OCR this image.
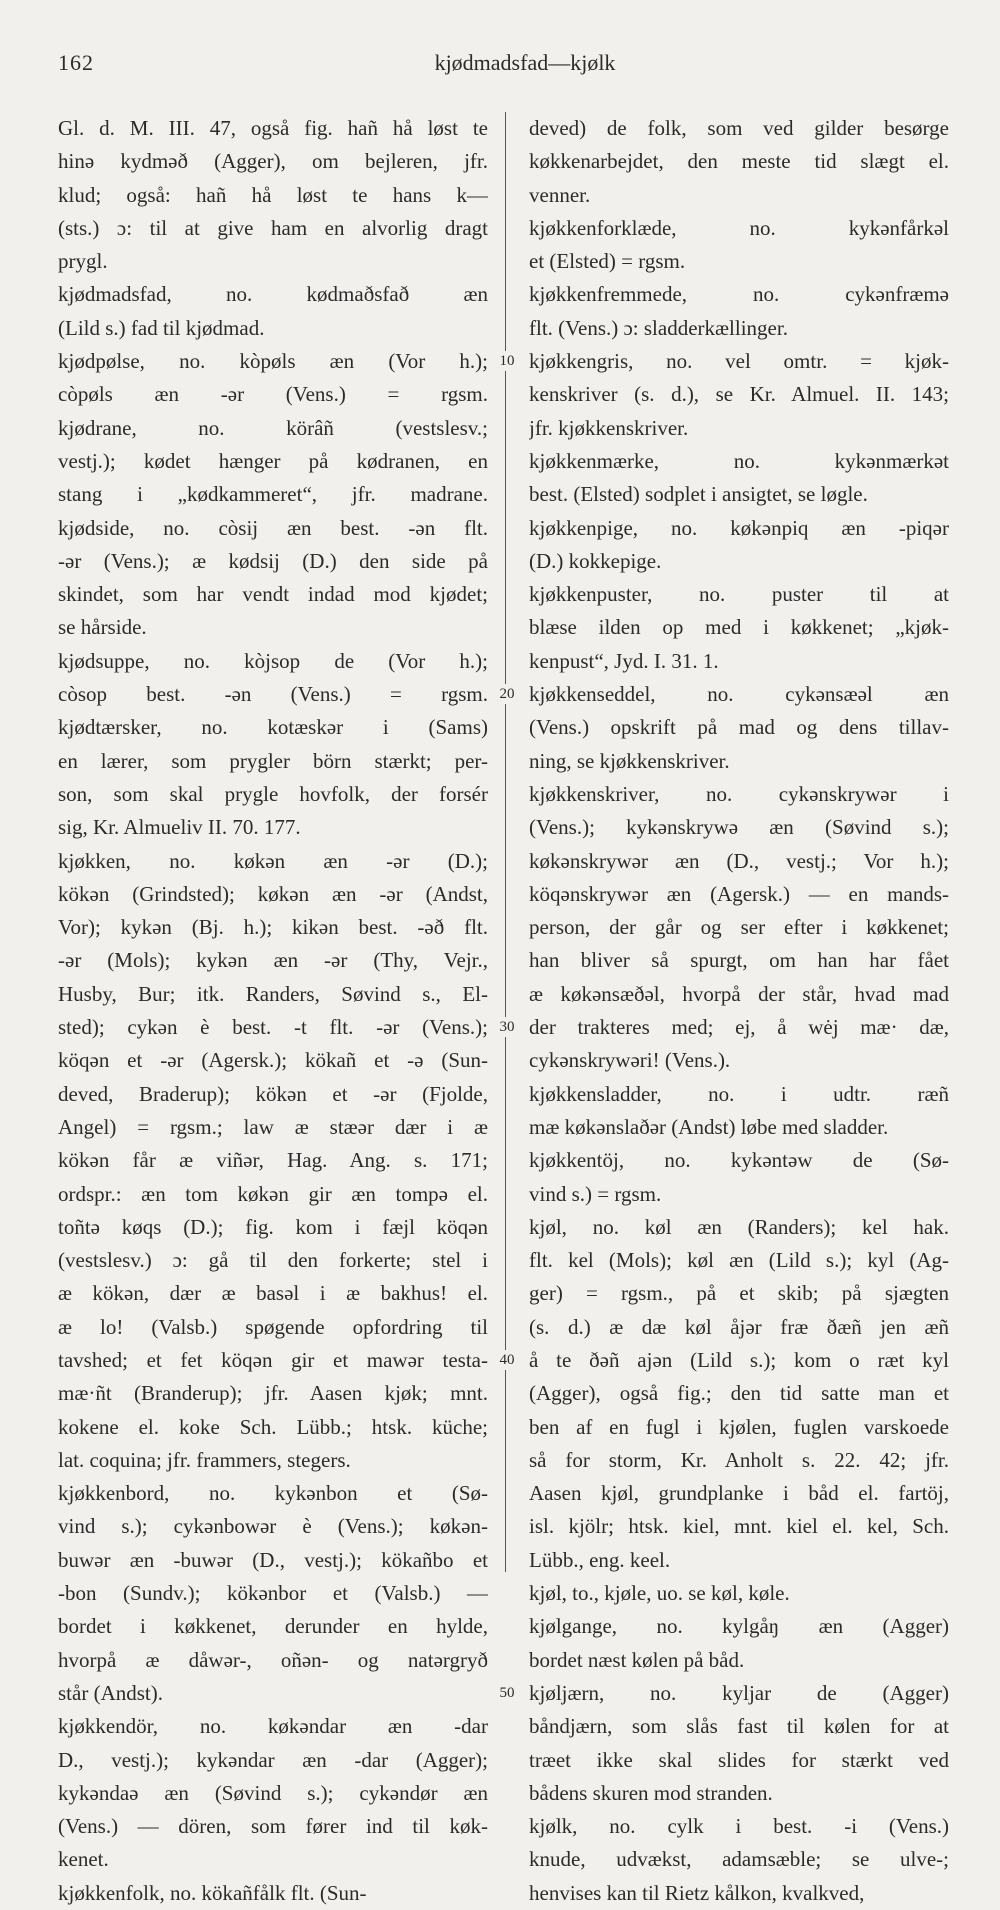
162	kjødmadsfad—kjølk
Gl. d. M. III. 47, også fig. hañ hå løst te
hinə kydməð (Agger), om bejleren, jfr.
klud; også: hañ hå løst te hans k—
(sts.) ɔ: til at give ham en alvorlig dragt
prygl.
kjødmadsfad, no. kødmaðsfað æn
(Lild s.) fad til kjødmad.
kjødpølse, no. kòpøls æn (Vor h.);
còpøls æn -ər (Vens.) = rgsm.
kjødrane, no. körâñ (vestslesv.;
vestj.); kødet hænger på kødranen, en
stang i „kødkammeret“, jfr. madrane.
kjødside, no. còsij æn best. -ən flt.
-ər (Vens.); æ kødsij (D.) den side på
skindet, som har vendt indad mod kjødet;
se hårside.
kjødsuppe, no. kòjsop de (Vor h.);
còsop best. -ən (Vens.) = rgsm.
kjødtærsker, no. kotæskər i (Sams)
en lærer, som prygler börn stærkt; per-
son, som skal prygle hovfolk, der forsér
sig, Kr. Almueliv II. 70. 177.
kjøkken, no. køkən æn -ər (D.);
kökən (Grindsted); køkən æn -ər (Andst,
Vor); kykən (Bj. h.); kikən best. -əð flt.
-ər (Mols); kykən æn -ər (Thy, Vejr.,
Husby, Bur; itk. Randers, Søvind s., El-
sted); cykən è best. -t flt. -ər (Vens.);
köqən et -ər (Agersk.); kökañ et -ə (Sun-
deved, Braderup); kökən et -ər (Fjolde,
Angel) = rgsm.; law æ stæər dær i æ
kökən får æ viñər, Hag. Ang. s. 171;
ordspr.: æn tom køkən gir æn tompə el.
toñtə køqs (D.); fig. kom i fæjl köqən
(vestslesv.) ɔ: gå til den forkerte; stel i
æ kökən, dær æ basəl i æ bakhus! el.
æ lo! (Valsb.) spøgende opfordring til
tavshed; et fet köqən gir et mawər testa-
mæ·ñt (Branderup); jfr. Aasen kjøk; mnt.
kokene el. koke Sch. Lübb.; htsk. küche;
lat. coquina; jfr. frammers, stegers.
kjøkkenbord, no. kykənbon et (Sø-
vind s.); cykənbowər è (Vens.); køkən-
buwər æn -buwər (D., vestj.); kökañbo et
-bon (Sundv.); kökənbor et (Valsb.) —
bordet i køkkenet, derunder en hylde,
hvorpå æ dåwər-, oñən- og natərgryð
står (Andst).
kjøkkendör, no. køkəndar æn -dar
D., vestj.); kykəndar æn -dar (Agger);
kykəndaə æn (Søvind s.); cykəndør æn
(Vens.) — dören, som fører ind til køk-
kenet.
kjøkkenfolk, no. kökañfålk flt. (Sun-
deved) de folk, som ved gilder besørge
køkkenarbejdet, den meste tid slægt el.
venner.
kjøkkenforklæde, no. kykənfårkəl
et (Elsted) = rgsm.
kjøkkenfremmede, no. cykənfræmə
flt. (Vens.) ɔ: sladderkællinger.
kjøkkengris, no. vel omtr. = kjøk-
kenskriver (s. d.), se Kr. Almuel. II. 143;
jfr. kjøkkenskriver.
kjøkkenmærke, no. kykənmærkət
best. (Elsted) sodplet i ansigtet, se løgle.
kjøkkenpige, no. køkənpiq æn -piqər
(D.) kokkepige.
kjøkkenpuster, no. puster til at
blæse ilden op med i køkkenet; „kjøk-
kenpust“, Jyd. I. 31. 1.
kjøkkenseddel, no. cykənsæəl æn
(Vens.) opskrift på mad og dens tillav-
ning, se kjøkkenskriver.
kjøkkenskriver, no. cykənskrywər i
(Vens.); kykənskrywə æn (Søvind s.);
køkənskrywər æn (D., vestj.; Vor h.);
köqənskrywər æn (Agersk.) — en mands-
person, der går og ser efter i køkkenet;
han bliver så spurgt, om han har fået
æ køkənsæðəl, hvorpå der står, hvad mad
der trakteres med; ej, å wėj mæ· dæ,
cykənskrywəri! (Vens.).
kjøkkensladder, no. i udtr. ræñ
mæ køkənslaðər (Andst) løbe med sladder.
kjøkkentöj, no. kykəntəw de (Sø-
vind s.) = rgsm.
kjøl, no. køl æn (Randers); kel hak.
flt. kel (Mols); køl æn (Lild s.); kyl (Ag-
ger) = rgsm., på et skib; på sjægten
(s. d.) æ dæ køl åjər fræ ðæñ jen æñ
å te ðəñ ajən (Lild s.); kom o ræt kyl
(Agger), også fig.; den tid satte man et
ben af en fugl i kjølen, fuglen varskoede
så for storm, Kr. Anholt s. 22. 42; jfr.
Aasen kjøl, grundplanke i båd el. fartöj,
isl. kjölr; htsk. kiel, mnt. kiel el. kel, Sch.
Lübb., eng. keel.
kjøl, to., kjøle, uo. se køl, køle.
kjølgange, no. kylgåŋ æn (Agger)
bordet næst kølen på båd.
kjøljærn, no. kyljar de (Agger)
båndjærn, som slås fast til kølen for at
træet ikke skal slides for stærkt ved
bådens skuren mod stranden.
kjølk, no. cylk i best. -i (Vens.)
knude, udvækst, adamsæble; se ulve-;
henvises kan til Rietz kålkon, kvalkved,
10
20
30
40
50
